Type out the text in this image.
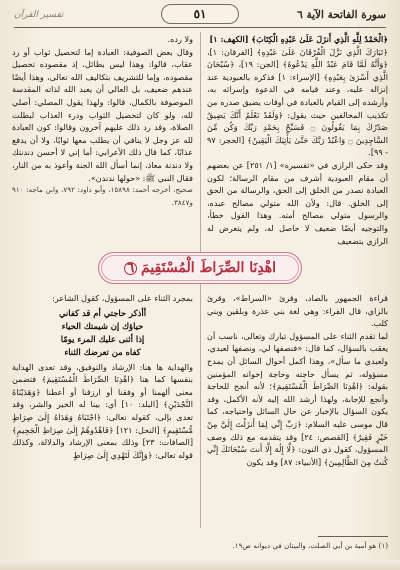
سورة الفاتحة الآية ٦
٥١
تفسير القرآن

﴿الْحَمْدُ لِلَّهِ الَّذِي أَنزَلَ عَلَىٰ عَبْدِهِ الْكِتَابَ﴾ [الكهف: ١]

﴿تَبَارَكَ الَّذِي نَزَّلَ الْفُرْقَانَ عَلَىٰ عَبْدِهِ﴾ [الفرقان: ١]، ﴿وَأَنَّهُ لَمَّا قَامَ عَبْدُ اللَّهِ يَدْعُوهُ﴾ [الجن: ١٩]، ﴿سُبْحَانَ الَّذِي أَسْرَىٰ بِعَبْدِهِ﴾ [الإسراء: ١] فذكره بالعبودية عند إنزاله عليه، وعند قيامه في الدعوة وإسرائه به، وأرشده إلى القيام بالعبادة في أوقات يضيق صدره من تكذيب المخالفين حيث يقول: ﴿وَلَقَدْ نَعْلَمُ أَنَّكَ يَضِيقُ صَدْرُكَ بِمَا يَقُولُونَ ۝ فَسَبِّحْ بِحَمْدِ رَبِّكَ وَكُن مِّنَ السَّاجِدِينَ ۝ وَاعْبُدْ رَبَّكَ حَتَّىٰ يَأْتِيَكَ الْيَقِينُ﴾ [الحجر: ٩٧ - ٩٩].

وقد حكى الرازي في «تفسيره» [١/ ٢٥١] عن بعضهم أن مقام العبودية أشرف من مقام الرسالة؛ لكون العبادة تصدر من الخلق إلى الحق، والرسالة من الحق إلى الخلق. قال: ولأن الله متولي مصالح عبده، والرسول متولي مصالح أمته. وهذا القول خطأ، والتوجيه أيضًا ضعيف لا حاصل له، ولم يتعرض له الرازي بتضعيف

ولا رده.

وقال بعض الصوفية: العبادة إما لتحصيل ثواب أو رد عقاب، قالوا: وهذا ليس بطائل، إذ مقصوده تحصيل مقصوده، وإما للتشريف بتكاليف الله تعالى، وهذا أيضًا عندهم ضعيف، بل العالي أن يعبد الله لذاته المقدسة الموصوفة بالكمال، قالوا: ولهذا يقول المصلي: أصلي لله، ولو كان لتحصيل الثواب ودرء العذاب لبطلت الصلاة، وقد رد ذلك عليهم آخرون وقالوا: كون العبادة لله عز وجل لا ينافي أن يطلب معها ثوابًا، ولا أن يدفع عذابًا، كما قال ذلك الأعرابي: أما إني لا أحسن دندنتك ولا دندنة معاذ، إنما أسأل الله الجنة وأعوذ به من النار، فقال النبي ﷺ: «حولها ندندن».

صحيح، أخرجه أحمد: ١٥٨٩٨، وأبو داود: ٧٩٢، وابن ماجه: ٩١٠ و٣٨٤٧.

اهْدِنَا الصِّرَاطَ الْمُسْتَقِيمَ
٦

قراءة الجمهور بالصاد، وقرئ «السراط»، وقرئ بالزاي، قال الفراء: وهي لغة بني عذرة وبلقين وبني كلب.

لما تقدم الثناء على المسؤول تبارك وتعالى، ناسب أن يعقب بالسؤال، كما قال: «فنصفها لي، ونصفها لعبدي، ولعبدي ما سأل»، وهذا أكمل أحوال السائل أن يمدح مسؤوله، ثم يسأل حاجته وحاجة إخوانه المؤمنين بقوله: ﴿اهْدِنَا الصِّرَاطَ الْمُسْتَقِيمَ﴾؛ لأنه أنجح للحاجة وأنجع للإجابة، ولهذا أرشد الله إليه لأنه الأكمل، وقد يكون السؤال بالإخبار عن حال السائل واحتياجه، كما قال موسى عليه السلام: ﴿رَبِّ إِنِّي لِمَا أَنزَلْتَ إِلَيَّ مِنْ خَيْرٍ فَقِيرٌ﴾ [القصص: ٢٤] وقد يتقدمه مع ذلك وصف المسؤول، كقول ذي النون: ﴿لَّا إِلَٰهَ إِلَّا أَنتَ سُبْحَانَكَ إِنِّي كُنتُ مِنَ الظَّالِمِينَ﴾ [الأنبياء: ٨٧] وقد يكون

بمجرد الثناء على المسؤول، كقول الشاعر:

أأذكر حاجتي أم قد كفاني
حياؤك إن شيمتك الحياء
إذا أثنى عليك المرء يومًا
كفاه من تعرضك الثناء

والهداية ها هنا: الإرشاد والتوفيق، وقد تعدى الهداية بنفسها كما هنا ﴿اهْدِنَا الصِّرَاطَ الْمُسْتَقِيمَ﴾ فتضمن معنى ألهمنا أو وفقنا أو ارزقنا أو أعطنا ﴿وَهَدَيْنَاهُ النَّجْدَيْنِ﴾ [البلد: ١٠] أي: بينا له الخير والشر، وقد تعدى بإلى، كقوله تعالى: ﴿اجْتَبَاهُ وَهَدَاهُ إِلَىٰ صِرَاطٍ مُّسْتَقِيمٍ﴾ [النحل: ١٢١] ﴿فَاهْدُوهُمْ إِلَىٰ صِرَاطِ الْجَحِيمِ﴾ [الصافات: ٢٣] وذلك بمعنى الإرشاد والدلالة، وكذلك قوله تعالى: ﴿وَإِنَّكَ لَتَهْدِي إِلَىٰ صِرَاطٍ

(١) هو أمية بن أبي الصلت، والبيتان في ديوانه ص١٩.
